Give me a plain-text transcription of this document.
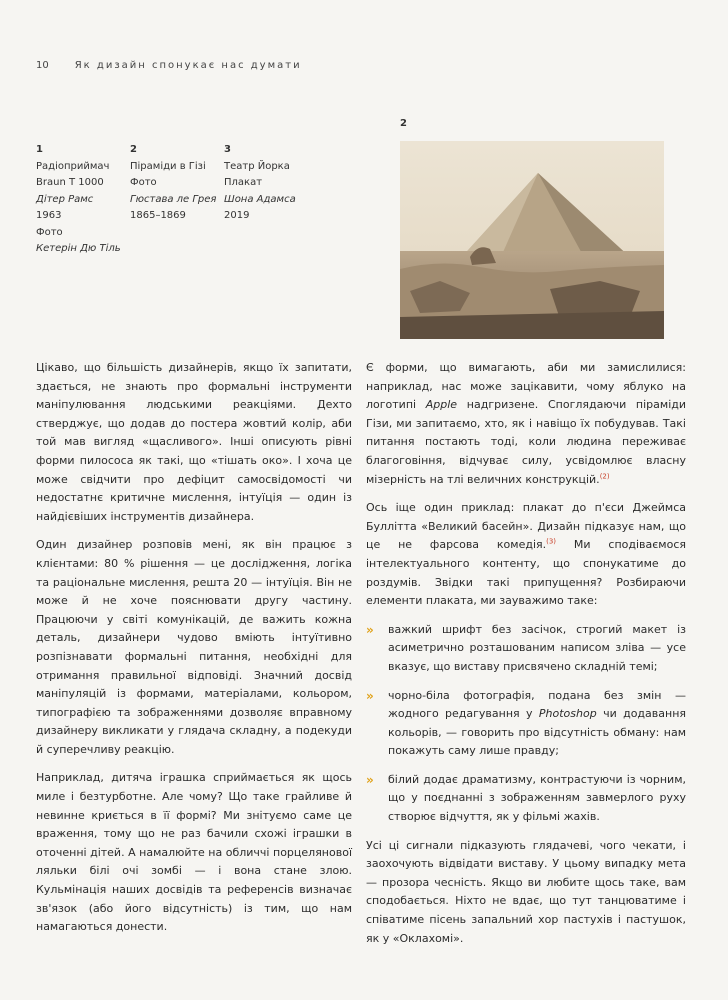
10	Як дизайн спонукає нас думати
1
Радіоприймач
Braun T 1000
Дітер Рамс
1963
Фото
Кетерін Дю Тіль
2
Піраміди в Гізі
Фото
Гюстава ле Грея
1865–1869
3
Театр Йорка
Плакат
Шона Адамса
2019
2

Цікаво, що більшість дизайнерів, якщо їх запитати, здається, не знають про формальні інструменти маніпулювання людськими реакціями. Дехто стверджує, що додав до постера жовтий колір, аби той мав вигляд «щасливого». Інші описують рівні форми пилососа як такі, що «тішать око». І хоча це може свідчити про дефіцит самосвідомості чи недостатнє критичне мислення, інтуїція — один із найдієвіших інструментів дизайнера.

Один дизайнер розповів мені, як він працює з клієнтами: 80 % рішення — це дослідження, логіка та раціональне мислення, решта 20 — інтуїція. Він не може й не хоче пояснювати другу частину. Працюючи у світі комунікацій, де важить кожна деталь, дизайнери чудово вміють інтуїтивно розпізнавати формальні питання, необхідні для отримання правильної відповіді. Значний досвід маніпуляцій із формами, матеріалами, кольором, типографією та зображеннями дозволяє вправному дизайнеру викликати у глядача складну, а подекуди й суперечливу реакцію.

Наприклад, дитяча іграшка сприймається як щось миле і безтурботне. Але чому? Що таке грайливе й невинне криється в її формі? Ми знітуємо саме це враження, тому що не раз бачили схожі іграшки в оточенні дітей. А намалюйте на обличчі порцелянової ляльки білі очі зомбі — і вона стане злою. Кульмінація наших досвідів та референсів визначає зв'язок (або його відсутність) із тим, що нам намагаються донести.

Є форми, що вимагають, аби ми замислилися: наприклад, нас може зацікавити, чому яблуко на логотипі Apple надгризене. Споглядаючи піраміди Гізи, ми запитаємо, хто, як і навіщо їх побудував. Такі питання постають тоді, коли людина переживає благоговіння, відчуває силу, усвідомлює власну мізерність на тлі величних конструкцій.$^{(2)}$

Ось іще один приклад: плакат до п'єси Джеймса Буллітта «Великий басейн». Дизайн підказує нам, що це не фарсова комедія.$^{(3)}$ Ми сподіваємося інтелектуального контенту, що спонукатиме до роздумів. Звідки такі припущення? Розбираючи елементи плаката, ми зауважимо таке:

» важкий шрифт без засічок, строгий макет із асиметрично розташованим написом зліва — усе вказує, що виставу присвячено складній темі;
» чорно-біла фотографія, подана без змін — жодного редагування у Photoshop чи додавання кольорів, — говорить про відсутність обману: нам покажуть саму лише правду;
» білий додає драматизму, контрастуючи із чорним, що у поєднанні з зображенням завмерлого руху створює відчуття, як у фільмі жахів.

Усі ці сигнали підказують глядачеві, чого чекати, і заохочують відвідати виставу. У цьому випадку мета — прозора чесність. Якщо ви любите щось таке, вам сподобається. Ніхто не вдає, що тут танцюватиме і співатиме пісень запальний хор пастухів і пастушок, як у «Оклахомі».
